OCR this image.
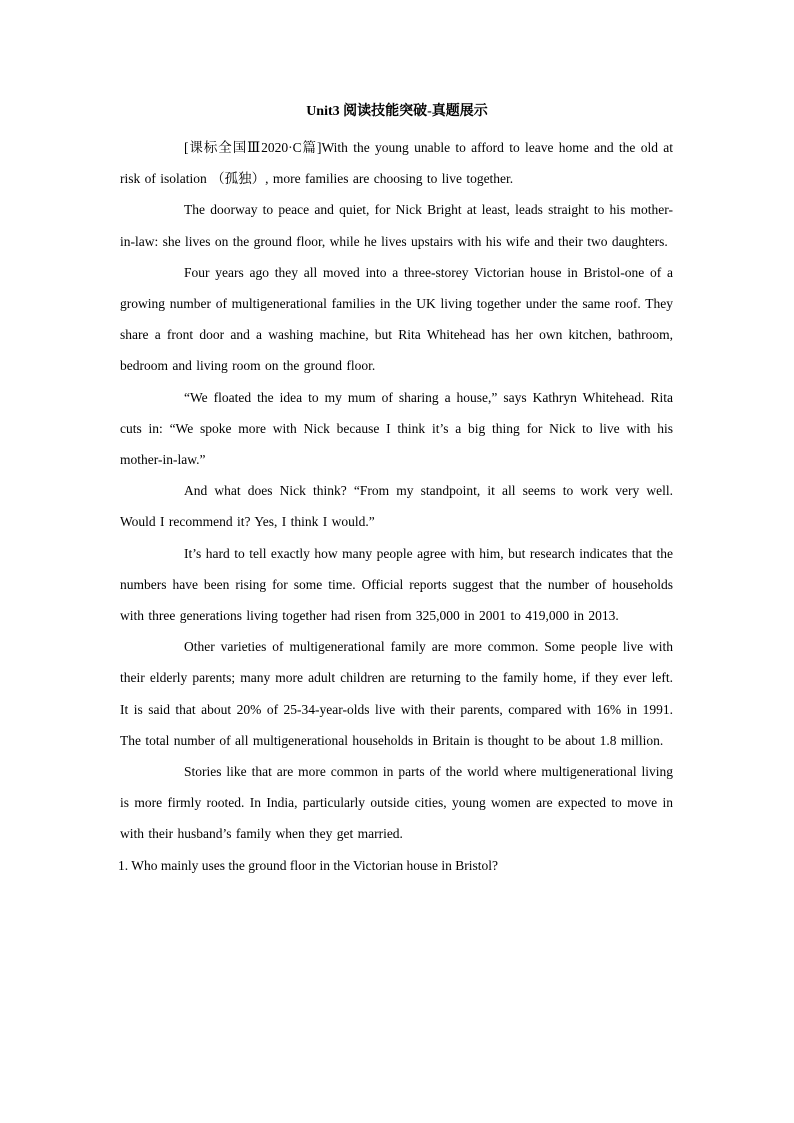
Unit3 阅读技能突破-真题展示

[课标全国Ⅲ2020·C篇]With the young unable to afford to leave home and the old at risk of isolation （孤独）, more families are choosing to live together.

The doorway to peace and quiet, for Nick Bright at least, leads straight to his mother-in-law: she lives on the ground floor, while he lives upstairs with his wife and their two daughters.

Four years ago they all moved into a three-storey Victorian house in Bristol-one of a growing number of multigenerational families in the UK living together under the same roof. They share a front door and a washing machine, but Rita Whitehead has her own kitchen, bathroom, bedroom and living room on the ground floor.

“We floated the idea to my mum of sharing a house,” says Kathryn Whitehead. Rita cuts in: “We spoke more with Nick because I think it’s a big thing for Nick to live with his mother-in-law.”

And what does Nick think? “From my standpoint, it all seems to work very well. Would I recommend it? Yes, I think I would.”

It’s hard to tell exactly how many people agree with him, but research indicates that the numbers have been rising for some time. Official reports suggest that the number of households with three generations living together had risen from 325,000 in 2001 to 419,000 in 2013.

Other varieties of multigenerational family are more common. Some people live with their elderly parents; many more adult children are returning to the family home, if they ever left. It is said that about 20% of 25-34-year-olds live with their parents, compared with 16% in 1991. The total number of all multigenerational households in Britain is thought to be about 1.8 million.

Stories like that are more common in parts of the world where multigenerational living is more firmly rooted. In India, particularly outside cities, young women are expected to move in with their husband’s family when they get married.

1. Who mainly uses the ground floor in the Victorian house in Bristol?
